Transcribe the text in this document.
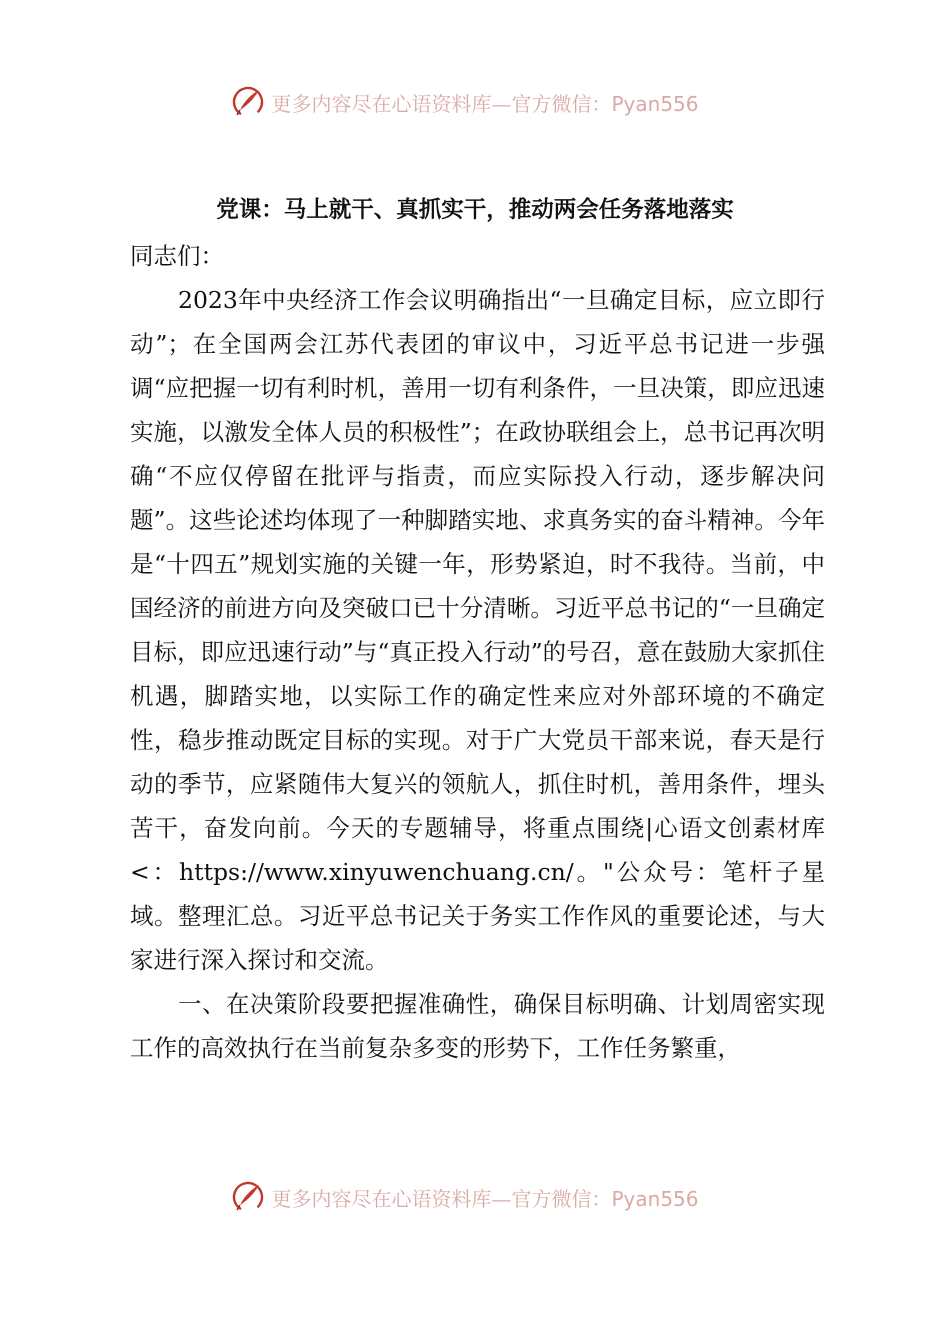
更多内容尽在心语资料库—官方微信：Pyan556
党课：马上就干、真抓实干，推动两会任务落地落实

同志们：

2023年中央经济工作会议明确指出“一旦确定目标，应立即行动”；在全国两会江苏代表团的审议中，习近平总书记进一步强调“应把握一切有利时机，善用一切有利条件，一旦决策，即应迅速实施，以激发全体人员的积极性”；在政协联组会上，总书记再次明确“不应仅停留在批评与指责，而应实际投入行动，逐步解决问题”。这些论述均体现了一种脚踏实地、求真务实的奋斗精神。今年是“十四五”规划实施的关键一年，形势紧迫，时不我待。当前，中国经济的前进方向及突破口已十分清晰。习近平总书记的“一旦确定目标，即应迅速行动”与“真正投入行动”的号召，意在鼓励大家抓住机遇，脚踏实地，以实际工作的确定性来应对外部环境的不确定性，稳步推动既定目标的实现。对于广大党员干部来说，春天是行动的季节，应紧随伟大复兴的领航人，抓住时机，善用条件，埋头苦干，奋发向前。今天的专题辅导，将重点围绕|心语文创素材库<：https://www.xinyuwenchuang.cn/。"公众号：笔杆子星域。整理汇总。习近平总书记关于务实工作作风的重要论述，与大家进行深入探讨和交流。

一、在决策阶段要把握准确性，确保目标明确、计划周密实现工作的高效执行在当前复杂多变的形势下，工作任务繁重，

更多内容尽在心语资料库—官方微信：Pyan556
